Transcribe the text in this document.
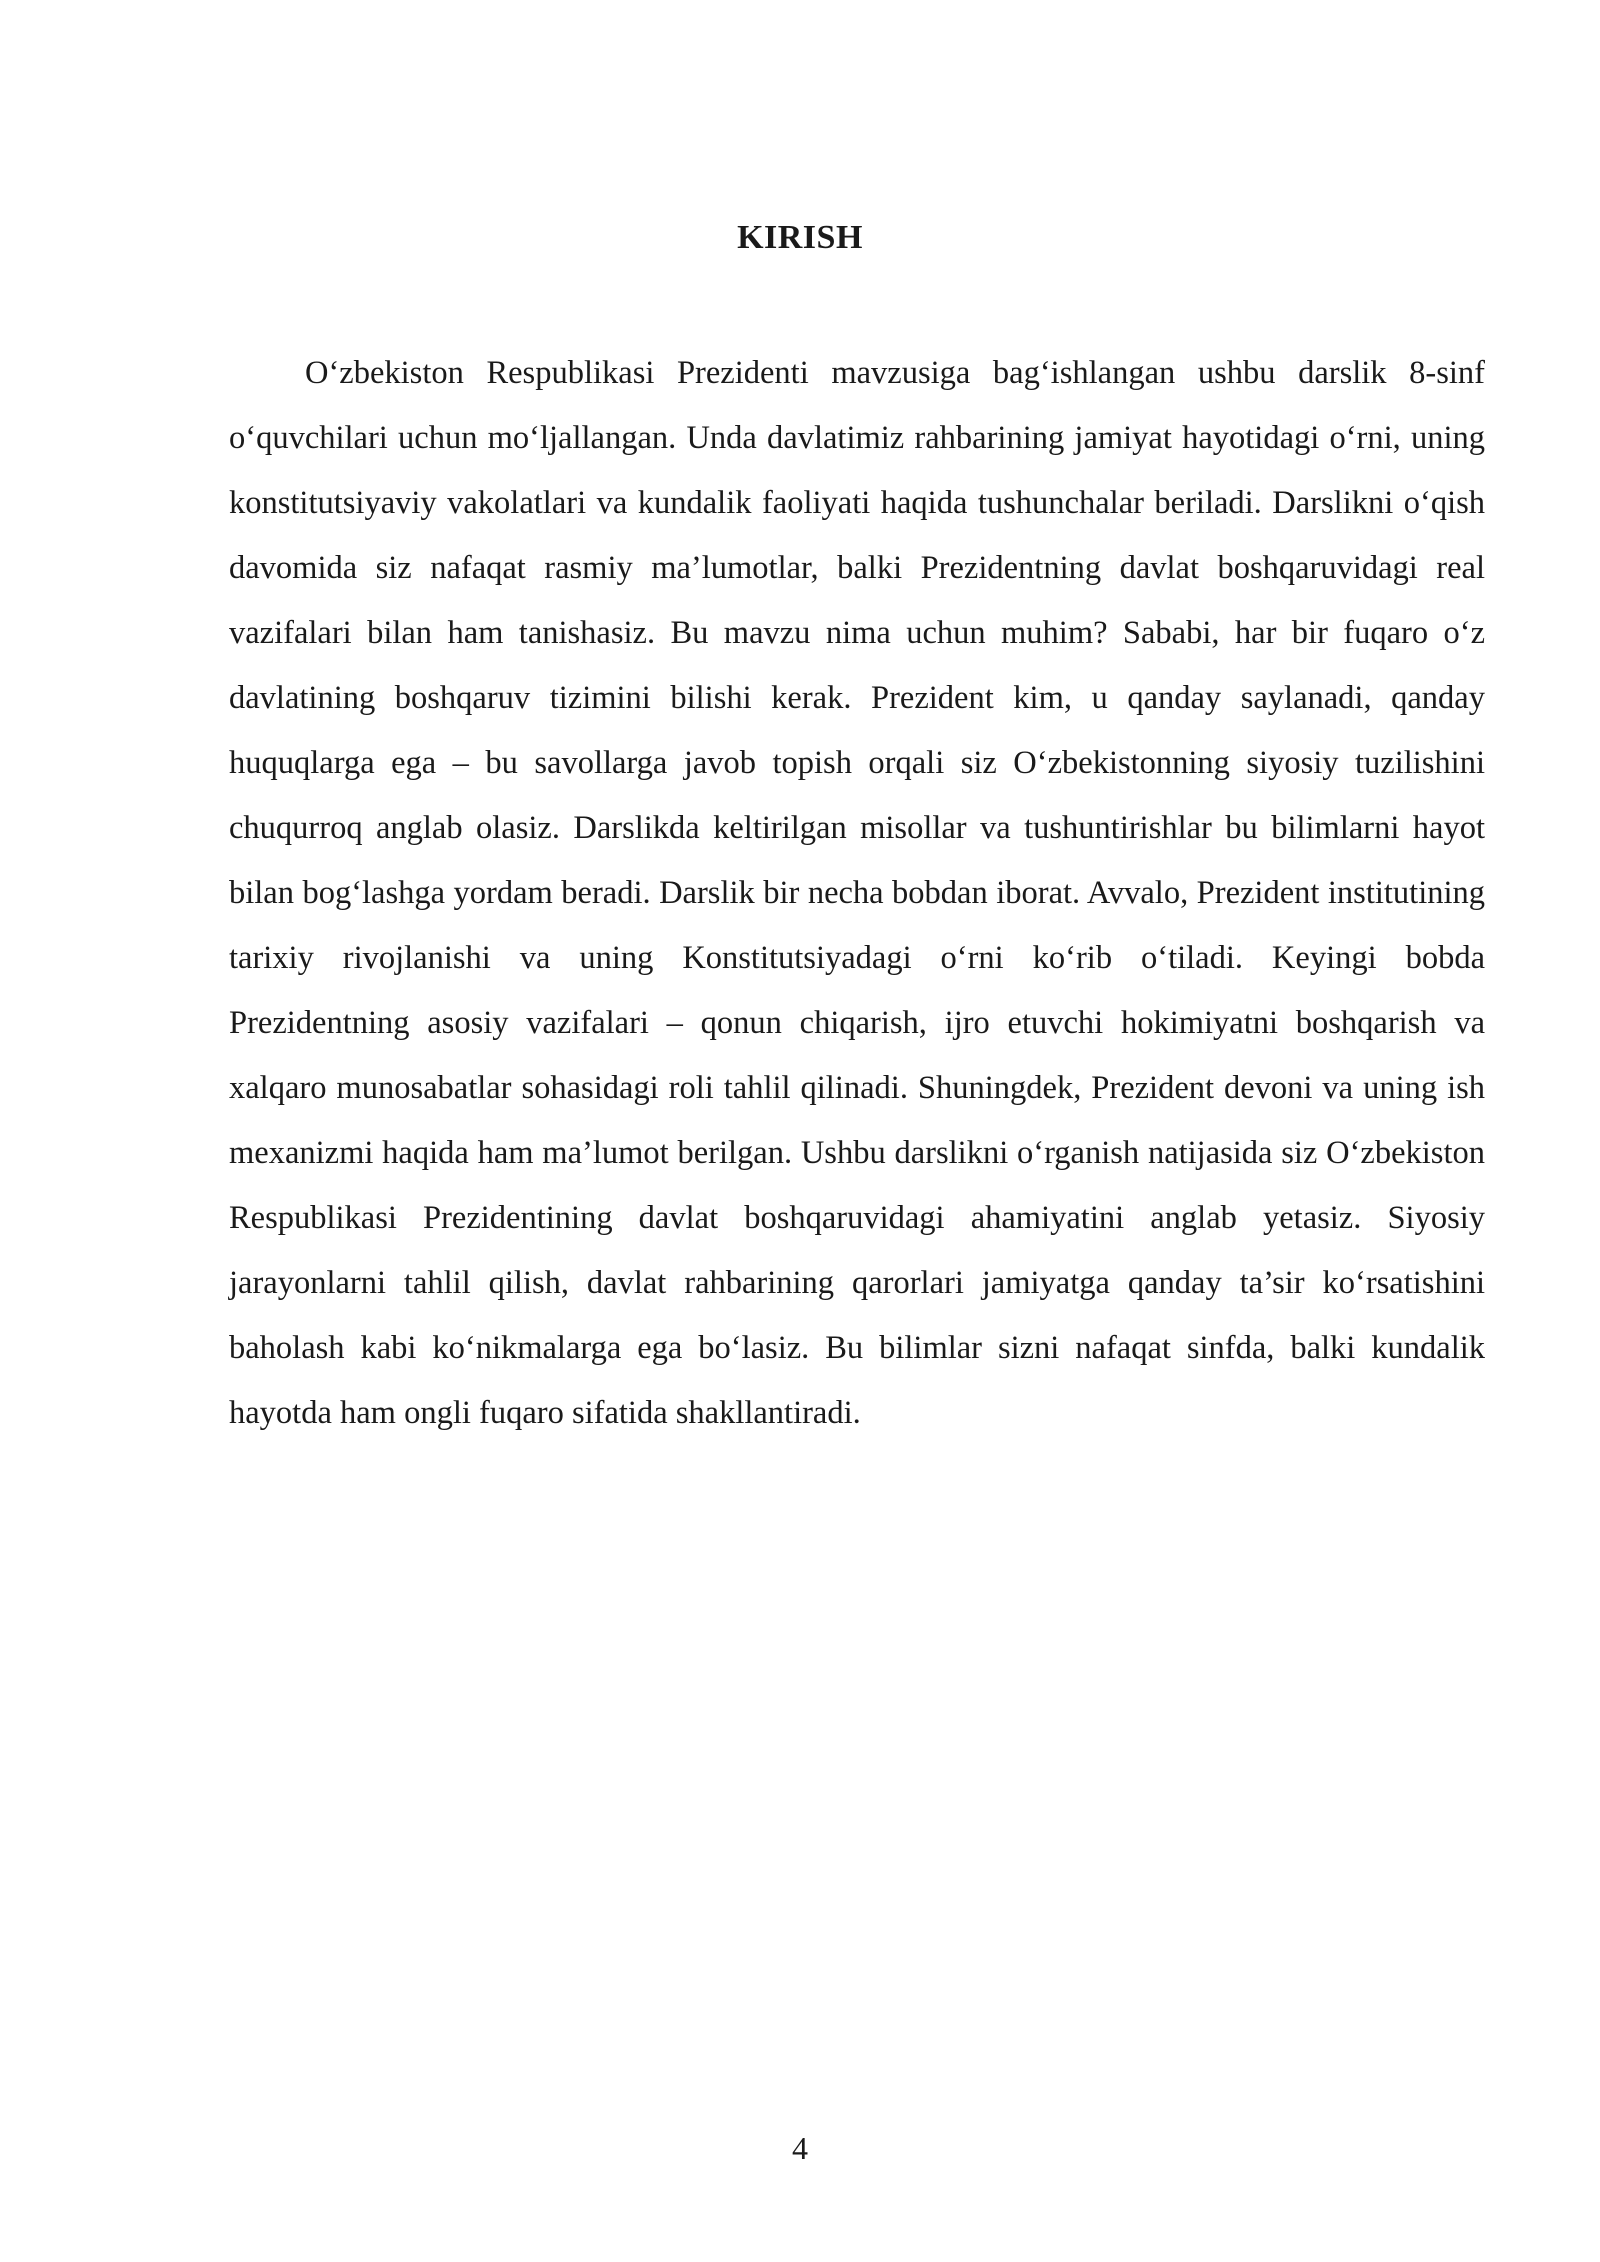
KIRISH

O‘zbekiston Respublikasi Prezidenti mavzusiga bag‘ishlangan ushbu darslik 8-sinf o‘quvchilari uchun mo‘ljallangan. Unda davlatimiz rahbarining jamiyat hayotidagi o‘rni, uning konstitutsiyaviy vakolatlari va kundalik faoliyati haqida tushunchalar beriladi. Darslikni o‘qish davomida siz nafaqat rasmiy ma’lumotlar, balki Prezidentning davlat boshqaruvidagi real vazifalari bilan ham tanishasiz. Bu mavzu nima uchun muhim? Sababi, har bir fuqaro o‘z davlatining boshqaruv tizimini bilishi kerak. Prezident kim, u qanday saylanadi, qanday huquqlarga ega – bu savollarga javob topish orqali siz O‘zbekistonning siyosiy tuzilishini chuqurroq anglab olasiz. Darslikda keltirilgan misollar va tushuntirishlar bu bilimlarni hayot bilan bog‘lashga yordam beradi. Darslik bir necha bobdan iborat. Avvalo, Prezident institutining tarixiy rivojlanishi va uning Konstitutsiyadagi o‘rni ko‘rib o‘tiladi. Keyingi bobda Prezidentning asosiy vazifalari – qonun chiqarish, ijro etuvchi hokimiyatni boshqarish va xalqaro munosabatlar sohasidagi roli tahlil qilinadi. Shuningdek, Prezident devoni va uning ish mexanizmi haqida ham ma’lumot berilgan. Ushbu darslikni o‘rganish natijasida siz O‘zbekiston Respublikasi Prezidentining davlat boshqaruvidagi ahamiyatini anglab yetasiz. Siyosiy jarayonlarni tahlil qilish, davlat rahbarining qarorlari jamiyatga qanday ta’sir ko‘rsatishini baholash kabi ko‘nikmalarga ega bo‘lasiz. Bu bilimlar sizni nafaqat sinfda, balki kundalik hayotda ham ongli fuqaro sifatida shakllantiradi.

4
